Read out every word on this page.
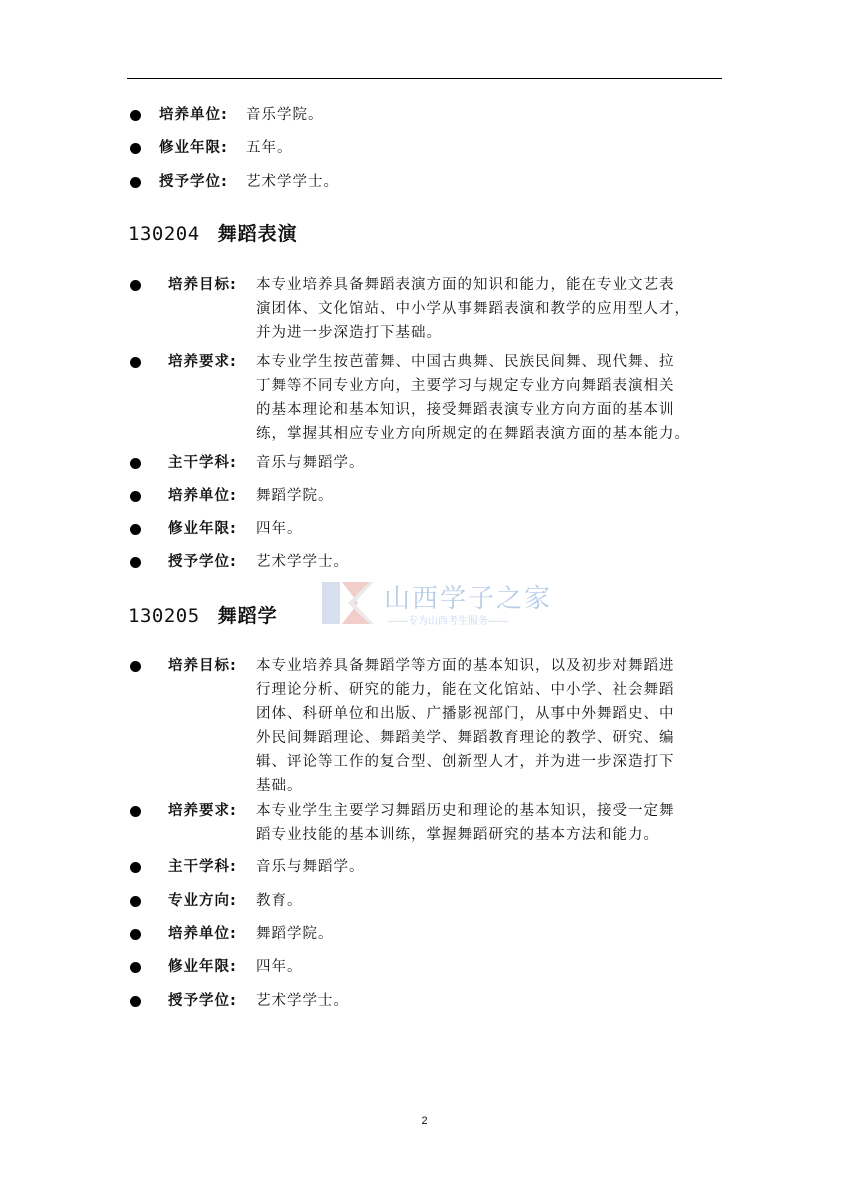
培养单位: 音乐学院。
修业年限: 五年。
授予学位: 艺术学学士。
130204 舞蹈表演
培养目标: 本专业培养具备舞蹈表演方面的知识和能力，能在专业文艺表
演团体、文化馆站、中小学从事舞蹈表演和教学的应用型人才，
并为进一步深造打下基础。
培养要求: 本专业学生按芭蕾舞、中国古典舞、民族民间舞、现代舞、拉
丁舞等不同专业方向，主要学习与规定专业方向舞蹈表演相关
的基本理论和基本知识，接受舞蹈表演专业方向方面的基本训
练，掌握其相应专业方向所规定的在舞蹈表演方面的基本能力。
主干学科: 音乐与舞蹈学。
培养单位: 舞蹈学院。
修业年限: 四年。
授予学位: 艺术学学士。
山西学子之家
——专为山西考生服务——
130205 舞蹈学
培养目标: 本专业培养具备舞蹈学等方面的基本知识，以及初步对舞蹈进
行理论分析、研究的能力，能在文化馆站、中小学、社会舞蹈
团体、科研单位和出版、广播影视部门，从事中外舞蹈史、中
外民间舞蹈理论、舞蹈美学、舞蹈教育理论的教学、研究、编
辑、评论等工作的复合型、创新型人才，并为进一步深造打下
基础。
培养要求: 本专业学生主要学习舞蹈历史和理论的基本知识，接受一定舞
蹈专业技能的基本训练，掌握舞蹈研究的基本方法和能力。
主干学科: 音乐与舞蹈学。
专业方向: 教育。
培养单位: 舞蹈学院。
修业年限: 四年。
授予学位: 艺术学学士。
2
